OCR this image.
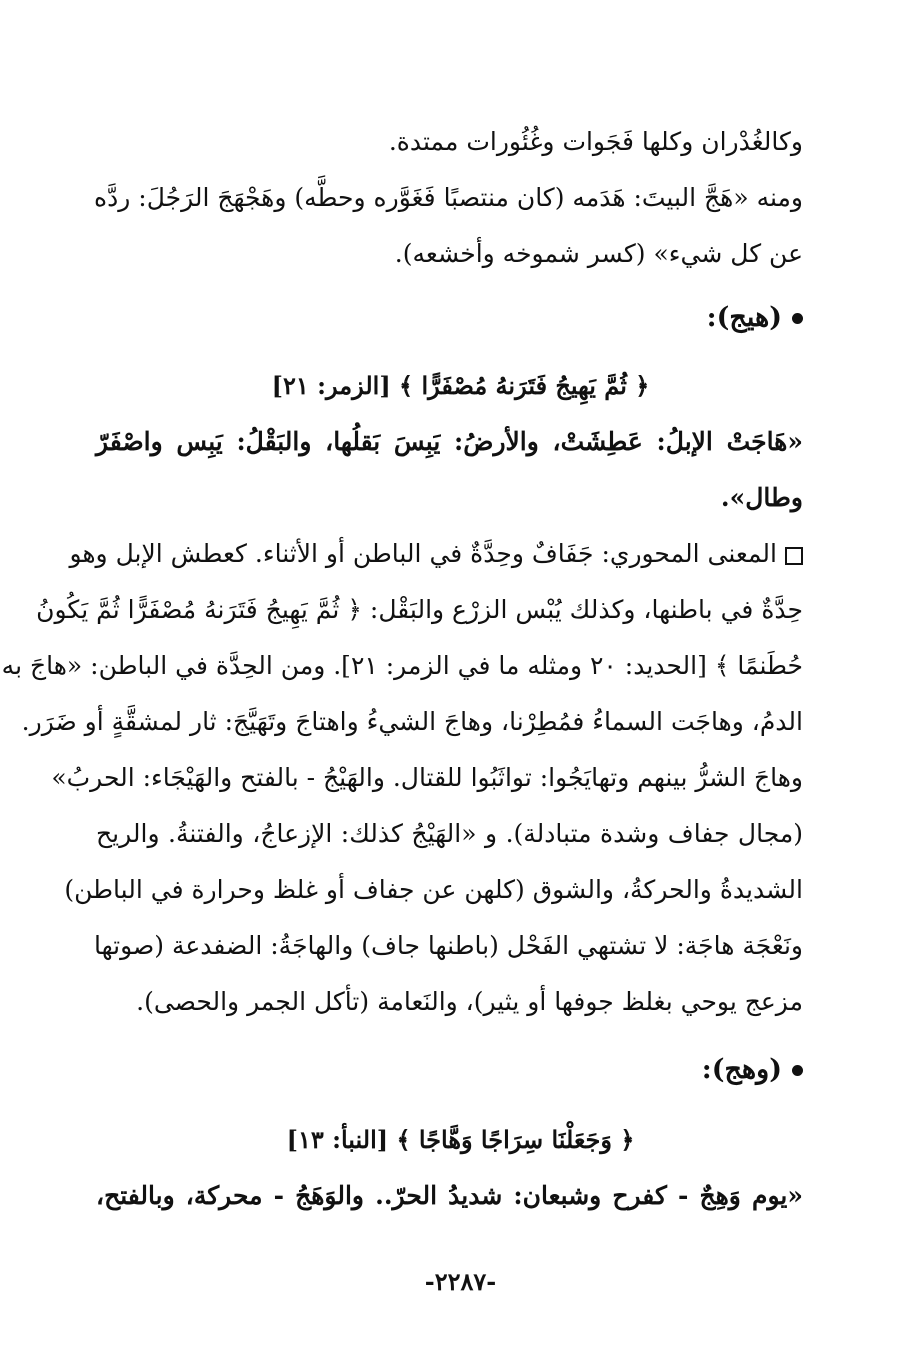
وكالغُدْران وكلها فَجَوات وغُئُورات ممتدة.
ومنه «هَجَّ البيتَ: هَدَمه (كان منتصبًا فَغَوَّره وحطَّه) وهَجْهَجَ الرَجُلَ: ردَّه
عن كل شيء» (كسر شموخه وأخشعه).
(هيج):
﴿ ثُمَّ يَهِيجُ فَتَرَنهُ مُصْفَرًّا ﴾ [الزمر: ٢١]
«هَاجَتْ الإبلُ: عَطِشَتْ، والأرضُ: يَبِسَ بَقلُها، والبَقْلُ: يَبِس واصْفَرّ
وطال».
المعنى المحوري: جَفَافٌ وحِدَّةٌ في الباطن أو الأثناء. كعطش الإبل وهو
حِدَّةٌ في باطنها، وكذلك يُبْس الزرْع والبَقْل: ﴿ ثُمَّ يَهِيجُ فَتَرَنهُ مُصْفَرًّا ثُمَّ يَكُونُ
حُطَنمًا ﴾ [الحديد: ٢٠ ومثله ما في الزمر: ٢١]. ومن الحِدَّة في الباطن: «هاجَ به
الدمُ، وهاجَت السماءُ فمُطِرْنا، وهاجَ الشيءُ واهتاجَ وتَهَيَّجَ: ثار لمشقَّةٍ أو ضَرَر.
وهاجَ الشرُّ بينهم وتهايَجُوا: تواثَبُوا للقتال. والهَيْجُ - بالفتح والهَيْجَاء: الحربُ»
(مجال جفاف وشدة متبادلة). و «الهَيْجُ كذلك: الإزعاجُ، والفتنةُ. والريح
الشديدةُ والحركةُ، والشوق (كلهن عن جفاف أو غلظ وحرارة في الباطن)
ونَعْجَة هاجَة: لا تشتهي الفَحْل (باطنها جاف) والهاجَةُ: الضفدعة (صوتها
مزعج يوحي بغلظ جوفها أو يثير)، والنَعامة (تأكل الجمر والحصى).
(وهج):
﴿ وَجَعَلْنَا سِرَاجًا وَهَّاجًا ﴾ [النبأ: ١٣]
«يوم وَهِجٌ - كفرح وشبعان: شديدُ الحرّ.. والوَهَجُ - محركة، وبالفتح،
-٢٢٨٧-
